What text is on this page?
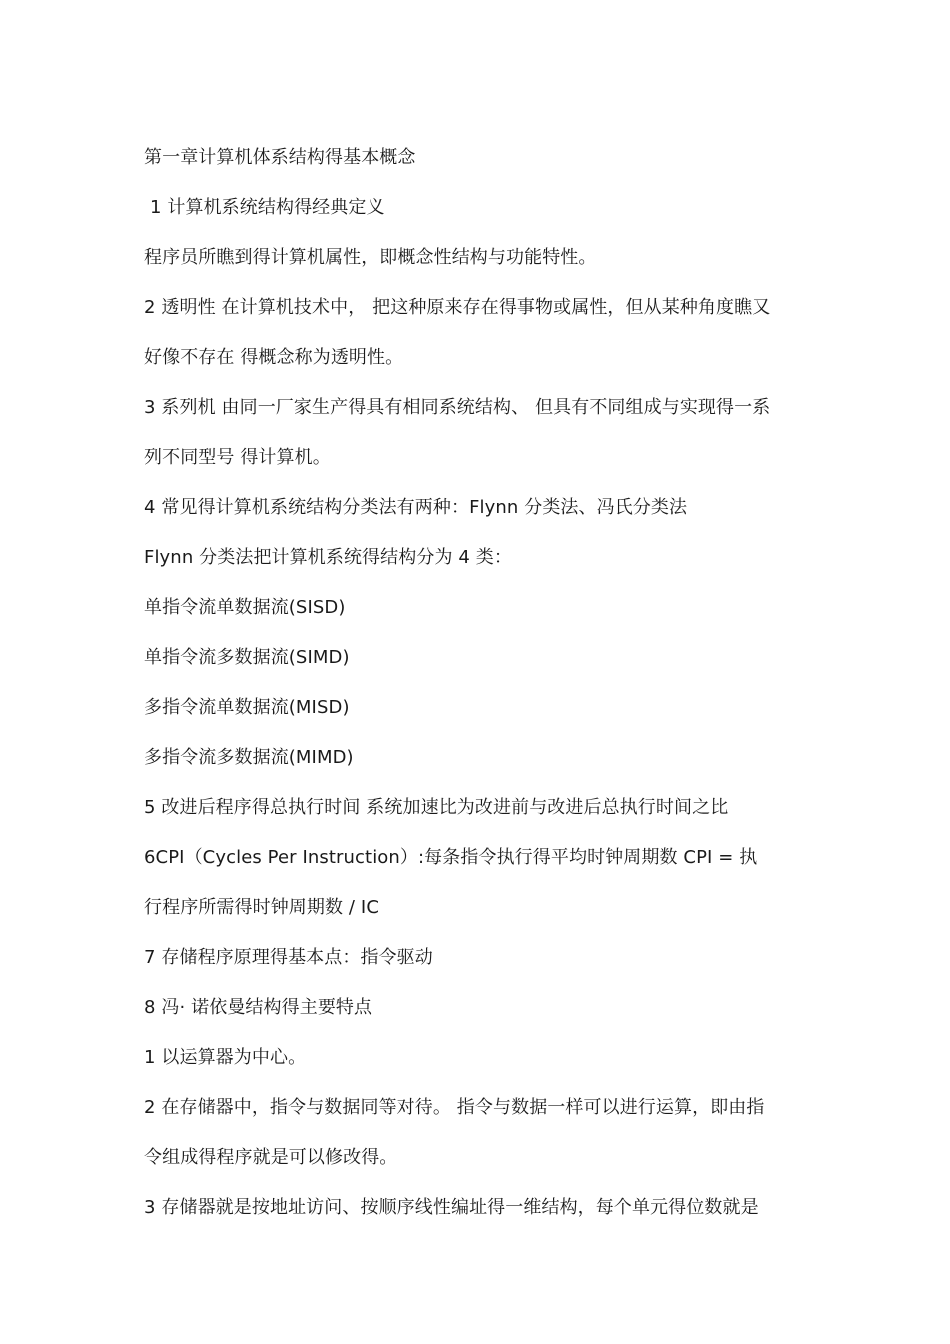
第一章计算机体系结构得基本概念
1 计算机系统结构得经典定义
程序员所瞧到得计算机属性，即概念性结构与功能特性。
2 透明性 在计算机技术中， 把这种原来存在得事物或属性，但从某种角度瞧又
好像不存在 得概念称为透明性。
3 系列机 由同一厂家生产得具有相同系统结构、 但具有不同组成与实现得一系
列不同型号 得计算机。
4 常见得计算机系统结构分类法有两种：Flynn 分类法、冯氏分类法
Flynn 分类法把计算机系统得结构分为 4 类：
单指令流单数据流(SISD)
单指令流多数据流(SIMD)
多指令流单数据流(MISD)
多指令流多数据流(MIMD)
5 改进后程序得总执行时间 系统加速比为改进前与改进后总执行时间之比
6CPI（Cycles Per Instruction）:每条指令执行得平均时钟周期数 CPI = 执
行程序所需得时钟周期数 / IC
7 存储程序原理得基本点：指令驱动
8 冯· 诺依曼结构得主要特点
1 以运算器为中心。
2 在存储器中，指令与数据同等对待。 指令与数据一样可以进行运算，即由指
令组成得程序就是可以修改得。
3 存储器就是按地址访问、按顺序线性编址得一维结构，每个单元得位数就是
